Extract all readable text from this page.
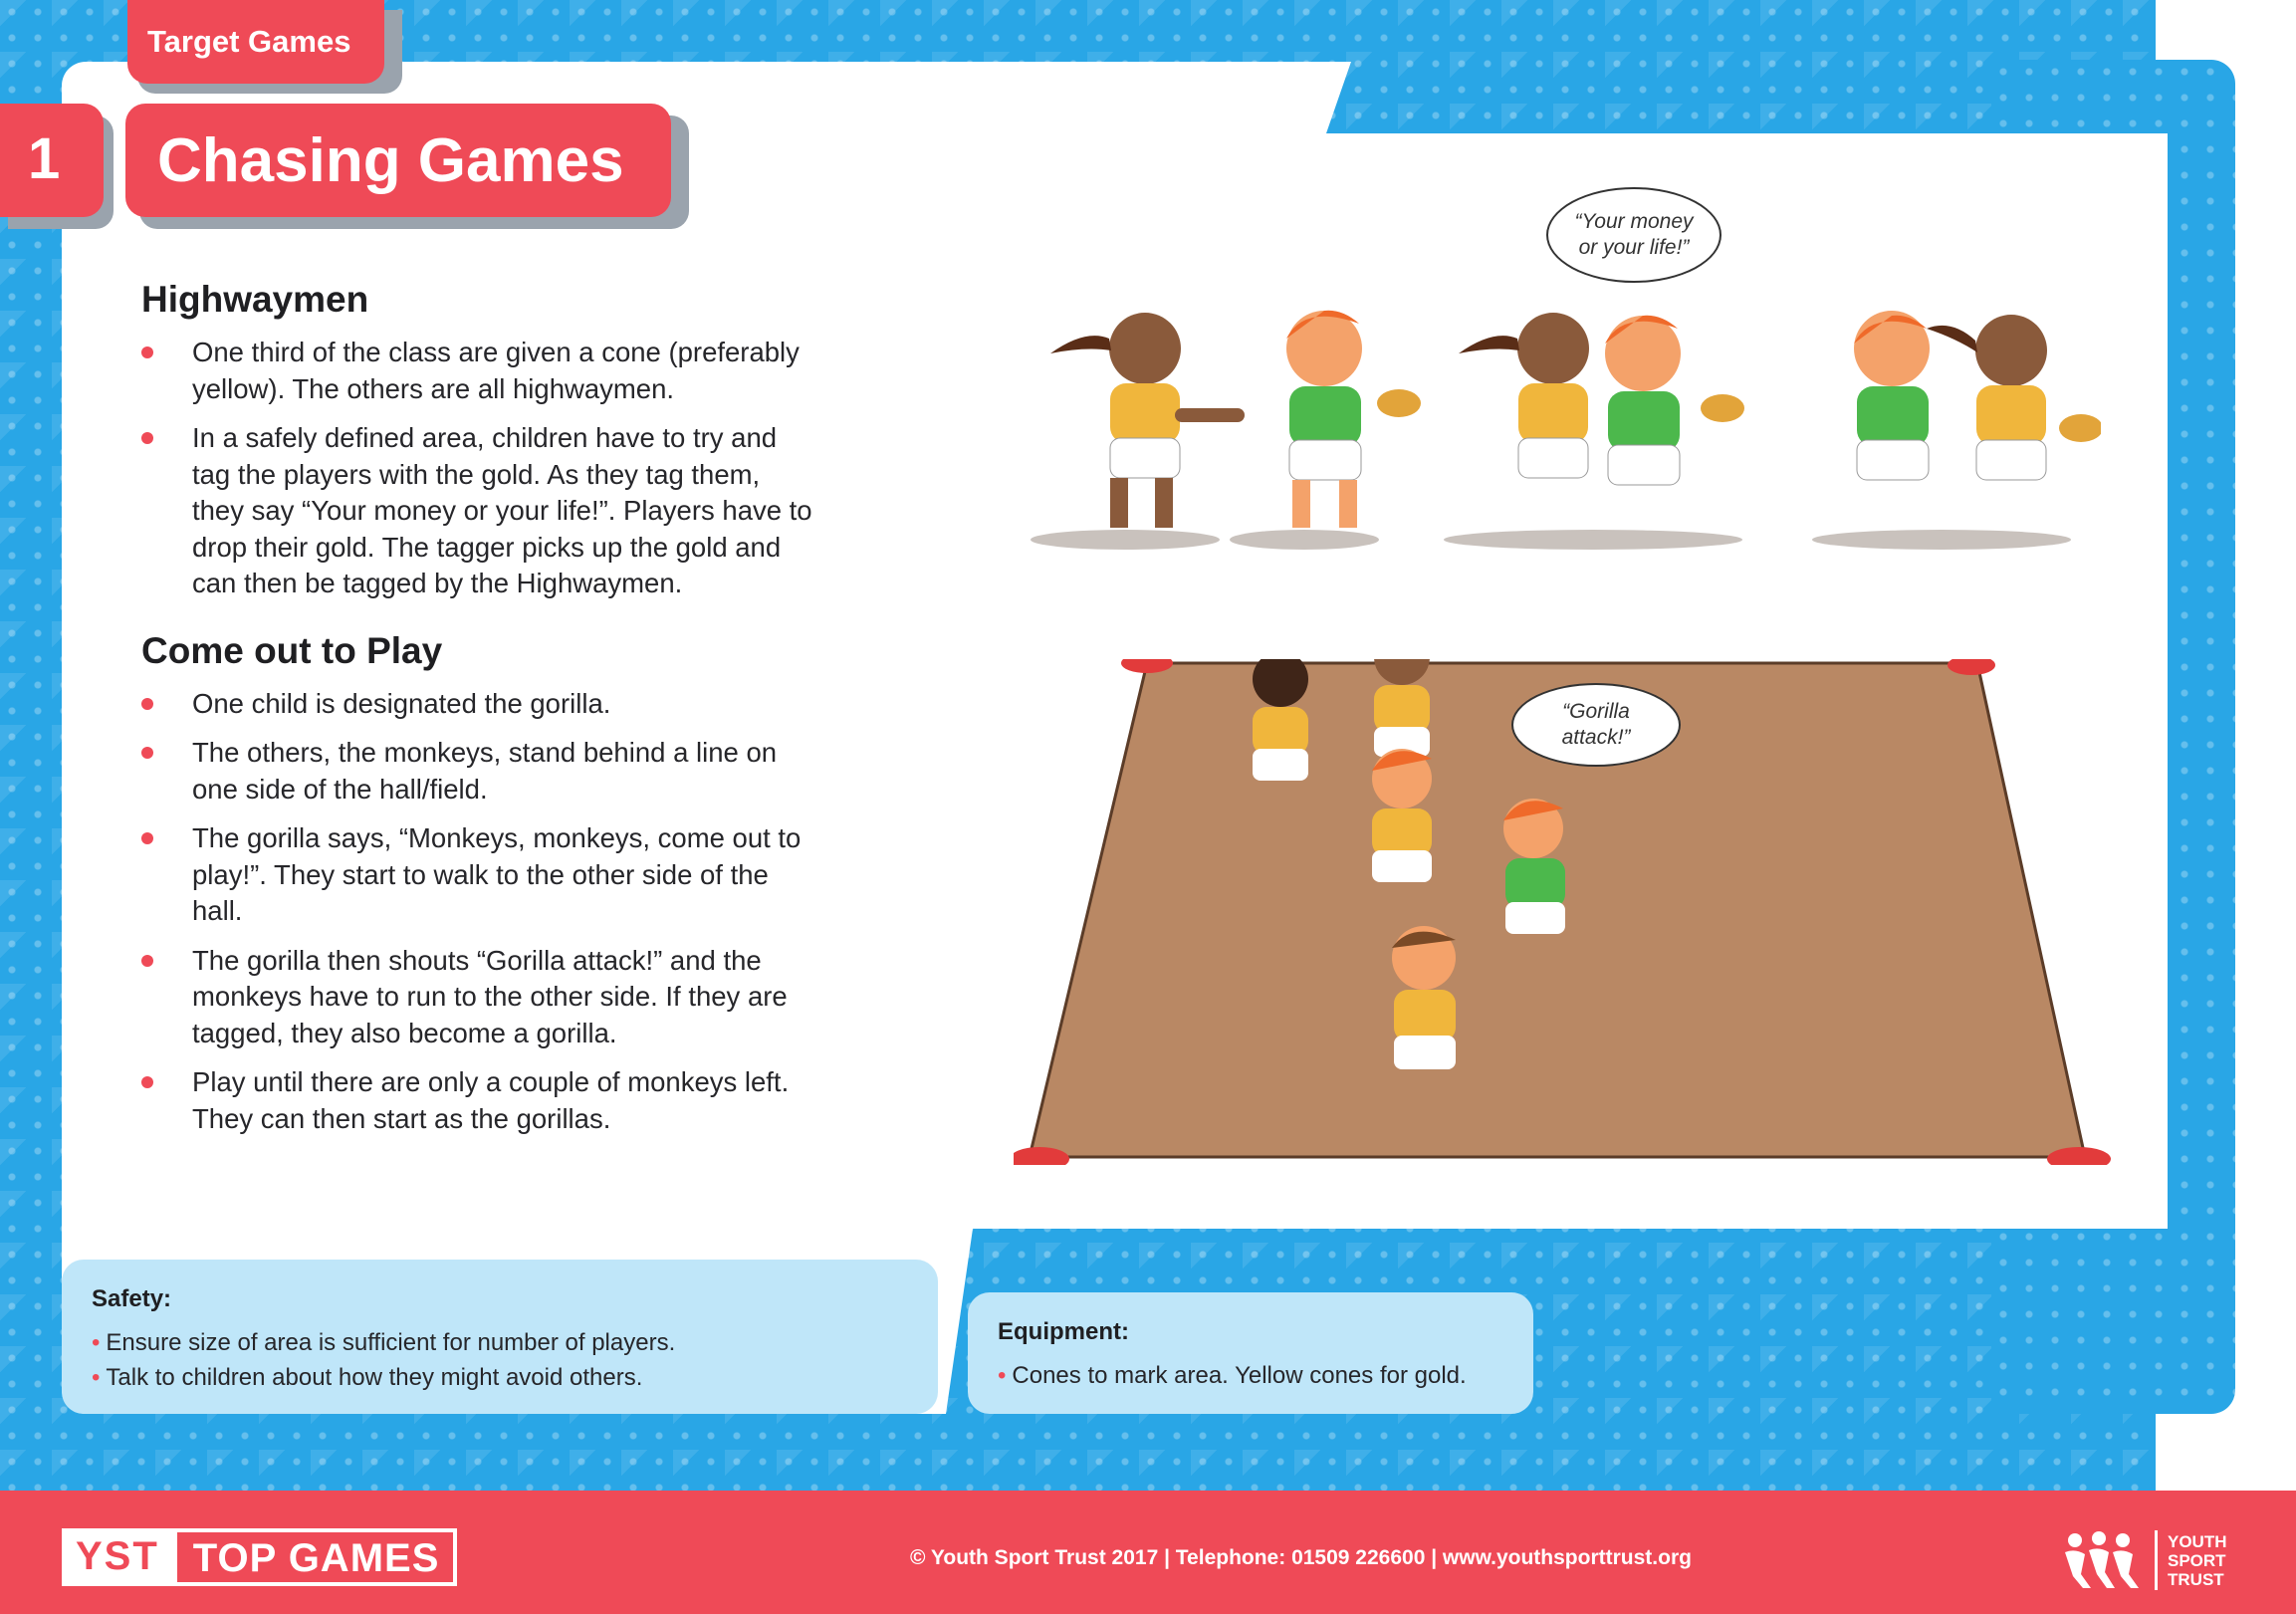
Target Games
1	Chasing Games
Highwaymen
One third of the class are given a cone (preferably yellow). The others are all highwaymen.
In a safely defined area, children have to try and tag the players with the gold. As they tag them, they say “Your money or your life!”. Players have to drop their gold. The tagger picks up the gold and can then be tagged by the Highwaymen.
Come out to Play
One child is designated the gorilla.
The others, the monkeys, stand behind a line on one side of the hall/field.
The gorilla says, “Monkeys, monkeys, come out to play!”. They start to walk to the other side of the hall.
The gorilla then shouts “Gorilla attack!” and the monkeys have to run to the other side. If they are tagged, they also become a gorilla.
Play until there are only a couple of monkeys left. They can then start as the gorillas.
“Your money or your life!”
“Gorilla attack!”
Safety:
• Ensure size of area is sufficient for number of players.
• Talk to children about how they might avoid others.
Equipment:
• Cones to mark area. Yellow cones for gold.
YST TOP GAMES	© Youth Sport Trust 2017 | Telephone: 01509 226600 | www.youthsporttrust.org
YOUTH
SPORT
TRUST
